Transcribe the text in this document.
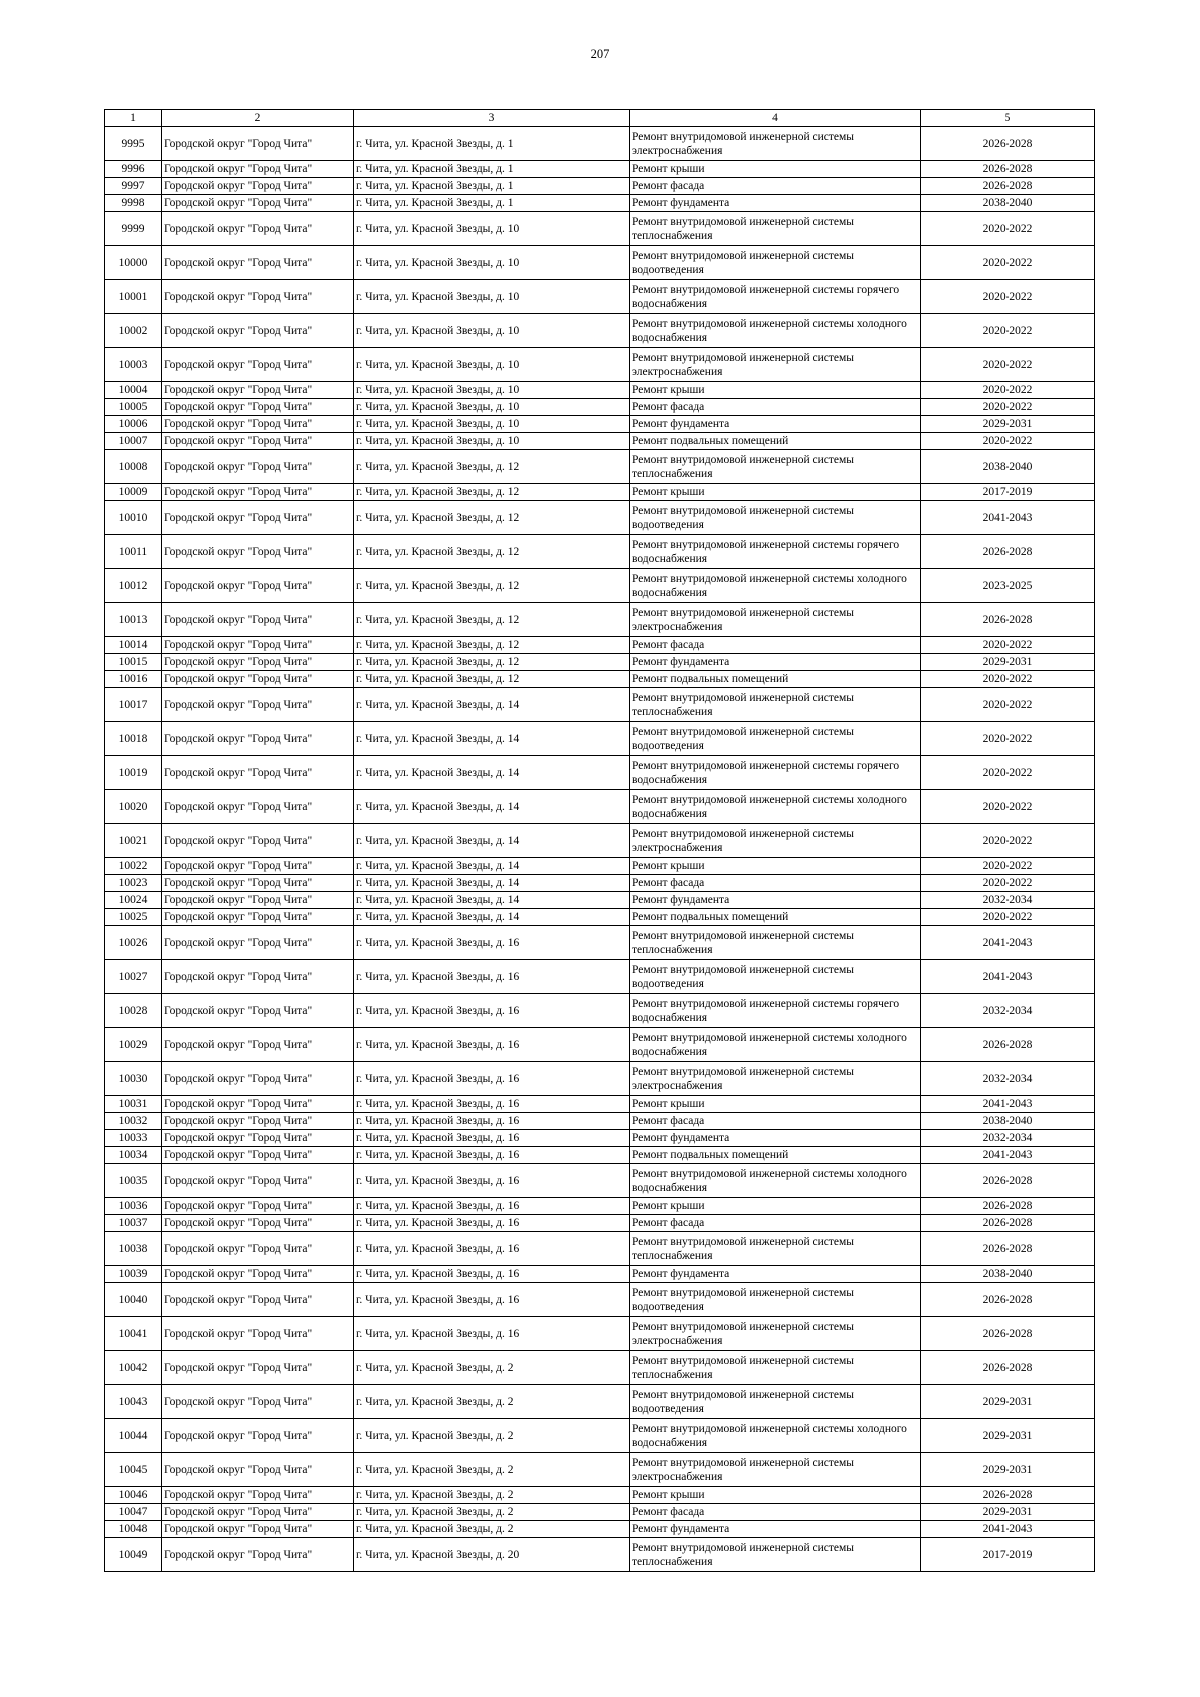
207
1	2	3	4	5
9995	Городской округ "Город Чита"	г. Чита, ул. Красной Звезды, д. 1	Ремонт внутридомовой инженерной системы электроснабжения	2026-2028
9996	Городской округ "Город Чита"	г. Чита, ул. Красной Звезды, д. 1	Ремонт крыши	2026-2028
9997	Городской округ "Город Чита"	г. Чита, ул. Красной Звезды, д. 1	Ремонт фасада	2026-2028
9998	Городской округ "Город Чита"	г. Чита, ул. Красной Звезды, д. 1	Ремонт фундамента	2038-2040
9999	Городской округ "Город Чита"	г. Чита, ул. Красной Звезды, д. 10	Ремонт внутридомовой инженерной системы теплоснабжения	2020-2022
10000	Городской округ "Город Чита"	г. Чита, ул. Красной Звезды, д. 10	Ремонт внутридомовой инженерной системы водоотведения	2020-2022
10001	Городской округ "Город Чита"	г. Чита, ул. Красной Звезды, д. 10	Ремонт внутридомовой инженерной системы горячего водоснабжения	2020-2022
10002	Городской округ "Город Чита"	г. Чита, ул. Красной Звезды, д. 10	Ремонт внутридомовой инженерной системы холодного водоснабжения	2020-2022
10003	Городской округ "Город Чита"	г. Чита, ул. Красной Звезды, д. 10	Ремонт внутридомовой инженерной системы электроснабжения	2020-2022
10004	Городской округ "Город Чита"	г. Чита, ул. Красной Звезды, д. 10	Ремонт крыши	2020-2022
10005	Городской округ "Город Чита"	г. Чита, ул. Красной Звезды, д. 10	Ремонт фасада	2020-2022
10006	Городской округ "Город Чита"	г. Чита, ул. Красной Звезды, д. 10	Ремонт фундамента	2029-2031
10007	Городской округ "Город Чита"	г. Чита, ул. Красной Звезды, д. 10	Ремонт подвальных помещений	2020-2022
10008	Городской округ "Город Чита"	г. Чита, ул. Красной Звезды, д. 12	Ремонт внутридомовой инженерной системы теплоснабжения	2038-2040
10009	Городской округ "Город Чита"	г. Чита, ул. Красной Звезды, д. 12	Ремонт крыши	2017-2019
10010	Городской округ "Город Чита"	г. Чита, ул. Красной Звезды, д. 12	Ремонт внутридомовой инженерной системы водоотведения	2041-2043
10011	Городской округ "Город Чита"	г. Чита, ул. Красной Звезды, д. 12	Ремонт внутридомовой инженерной системы горячего водоснабжения	2026-2028
10012	Городской округ "Город Чита"	г. Чита, ул. Красной Звезды, д. 12	Ремонт внутридомовой инженерной системы холодного водоснабжения	2023-2025
10013	Городской округ "Город Чита"	г. Чита, ул. Красной Звезды, д. 12	Ремонт внутридомовой инженерной системы электроснабжения	2026-2028
10014	Городской округ "Город Чита"	г. Чита, ул. Красной Звезды, д. 12	Ремонт фасада	2020-2022
10015	Городской округ "Город Чита"	г. Чита, ул. Красной Звезды, д. 12	Ремонт фундамента	2029-2031
10016	Городской округ "Город Чита"	г. Чита, ул. Красной Звезды, д. 12	Ремонт подвальных помещений	2020-2022
10017	Городской округ "Город Чита"	г. Чита, ул. Красной Звезды, д. 14	Ремонт внутридомовой инженерной системы теплоснабжения	2020-2022
10018	Городской округ "Город Чита"	г. Чита, ул. Красной Звезды, д. 14	Ремонт внутридомовой инженерной системы водоотведения	2020-2022
10019	Городской округ "Город Чита"	г. Чита, ул. Красной Звезды, д. 14	Ремонт внутридомовой инженерной системы горячего водоснабжения	2020-2022
10020	Городской округ "Город Чита"	г. Чита, ул. Красной Звезды, д. 14	Ремонт внутридомовой инженерной системы холодного водоснабжения	2020-2022
10021	Городской округ "Город Чита"	г. Чита, ул. Красной Звезды, д. 14	Ремонт внутридомовой инженерной системы электроснабжения	2020-2022
10022	Городской округ "Город Чита"	г. Чита, ул. Красной Звезды, д. 14	Ремонт крыши	2020-2022
10023	Городской округ "Город Чита"	г. Чита, ул. Красной Звезды, д. 14	Ремонт фасада	2020-2022
10024	Городской округ "Город Чита"	г. Чита, ул. Красной Звезды, д. 14	Ремонт фундамента	2032-2034
10025	Городской округ "Город Чита"	г. Чита, ул. Красной Звезды, д. 14	Ремонт подвальных помещений	2020-2022
10026	Городской округ "Город Чита"	г. Чита, ул. Красной Звезды, д. 16	Ремонт внутридомовой инженерной системы теплоснабжения	2041-2043
10027	Городской округ "Город Чита"	г. Чита, ул. Красной Звезды, д. 16	Ремонт внутридомовой инженерной системы водоотведения	2041-2043
10028	Городской округ "Город Чита"	г. Чита, ул. Красной Звезды, д. 16	Ремонт внутридомовой инженерной системы горячего водоснабжения	2032-2034
10029	Городской округ "Город Чита"	г. Чита, ул. Красной Звезды, д. 16	Ремонт внутридомовой инженерной системы холодного водоснабжения	2026-2028
10030	Городской округ "Город Чита"	г. Чита, ул. Красной Звезды, д. 16	Ремонт внутридомовой инженерной системы электроснабжения	2032-2034
10031	Городской округ "Город Чита"	г. Чита, ул. Красной Звезды, д. 16	Ремонт крыши	2041-2043
10032	Городской округ "Город Чита"	г. Чита, ул. Красной Звезды, д. 16	Ремонт фасада	2038-2040
10033	Городской округ "Город Чита"	г. Чита, ул. Красной Звезды, д. 16	Ремонт фундамента	2032-2034
10034	Городской округ "Город Чита"	г. Чита, ул. Красной Звезды, д. 16	Ремонт подвальных помещений	2041-2043
10035	Городской округ "Город Чита"	г. Чита, ул. Красной Звезды, д. 16	Ремонт внутридомовой инженерной системы холодного водоснабжения	2026-2028
10036	Городской округ "Город Чита"	г. Чита, ул. Красной Звезды, д. 16	Ремонт крыши	2026-2028
10037	Городской округ "Город Чита"	г. Чита, ул. Красной Звезды, д. 16	Ремонт фасада	2026-2028
10038	Городской округ "Город Чита"	г. Чита, ул. Красной Звезды, д. 16	Ремонт внутридомовой инженерной системы теплоснабжения	2026-2028
10039	Городской округ "Город Чита"	г. Чита, ул. Красной Звезды, д. 16	Ремонт фундамента	2038-2040
10040	Городской округ "Город Чита"	г. Чита, ул. Красной Звезды, д. 16	Ремонт внутридомовой инженерной системы водоотведения	2026-2028
10041	Городской округ "Город Чита"	г. Чита, ул. Красной Звезды, д. 16	Ремонт внутридомовой инженерной системы электроснабжения	2026-2028
10042	Городской округ "Город Чита"	г. Чита, ул. Красной Звезды, д. 2	Ремонт внутридомовой инженерной системы теплоснабжения	2026-2028
10043	Городской округ "Город Чита"	г. Чита, ул. Красной Звезды, д. 2	Ремонт внутридомовой инженерной системы водоотведения	2029-2031
10044	Городской округ "Город Чита"	г. Чита, ул. Красной Звезды, д. 2	Ремонт внутридомовой инженерной системы холодного водоснабжения	2029-2031
10045	Городской округ "Город Чита"	г. Чита, ул. Красной Звезды, д. 2	Ремонт внутридомовой инженерной системы электроснабжения	2029-2031
10046	Городской округ "Город Чита"	г. Чита, ул. Красной Звезды, д. 2	Ремонт крыши	2026-2028
10047	Городской округ "Город Чита"	г. Чита, ул. Красной Звезды, д. 2	Ремонт фасада	2029-2031
10048	Городской округ "Город Чита"	г. Чита, ул. Красной Звезды, д. 2	Ремонт фундамента	2041-2043
10049	Городской округ "Город Чита"	г. Чита, ул. Красной Звезды, д. 20	Ремонт внутридомовой инженерной системы теплоснабжения	2017-2019
